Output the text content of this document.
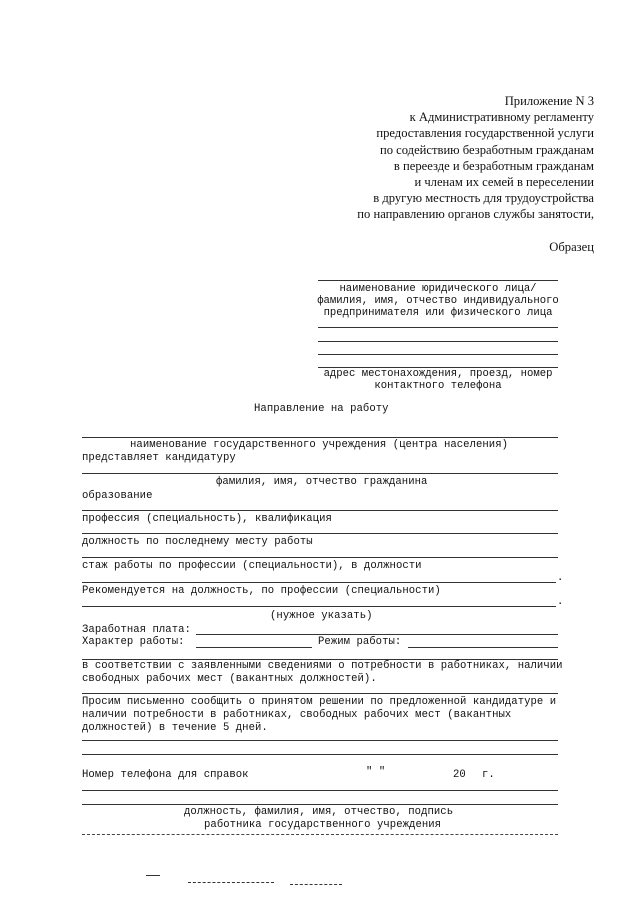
Приложение N 3
к Административному регламенту
предоставления государственной услуги
по содействию безработным гражданам
в переезде и безработным гражданам
и членам их семей в переселении
в другую местность для трудоустройства
по направлению органов службы занятости,
Образец
наименование юридического лица/
фамилия, имя, отчество индивидуального
предпринимателя или физического лица
адрес местонахождения, проезд, номер
контактного телефона
Направление на работу
наименование государственного учреждения (центра населения)
представляет кандидатуру
фамилия, имя, отчество гражданина
образование
профессия (специальность), квалификация
должность по последнему месту работы
стаж работы по профессии (специальности), в должности
.
Рекомендуется на должность, по профессии (специальности)
.
(нужное указать)
Заработная плата:
Характер работы:	Режим работы:
в соответствии с заявленными сведениями о потребности в работниках, наличии
свободных рабочих мест (вакантных должностей).
Просим письменно сообщить о принятом решении по предложенной кандидатуре и
наличии потребности в работниках, свободных рабочих мест (вакантных
должностей) в течение 5 дней.
Номер телефона для справок	" "	20 г.
должность, фамилия, имя, отчество, подпись
работника государственного учреждения
